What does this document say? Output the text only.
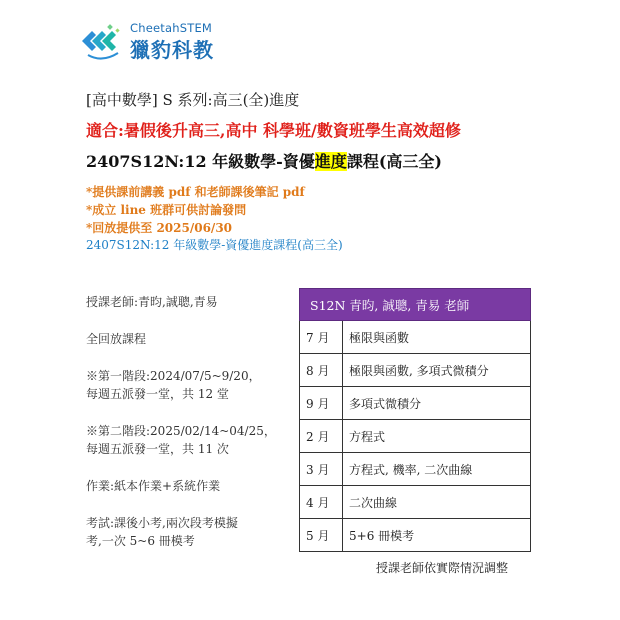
CheetahSTEM
獵豹科教
[高中數學] S 系列:高三(全)進度
適合:暑假後升高三,高中 科學班/數資班學生高效超修
2407S12N:12 年級數學-資優進度課程(高三全)
*提供課前講義 pdf 和老師課後筆記 pdf
*成立 line 班群可供討論發問
*回放提供至 2025/06/30
2407S12N:12 年級數學-資優進度課程(高三全)
授課老師:青昀,誠聰,青易
全回放課程
※第一階段:2024/07/5~9/20，
每週五派發一堂，共 12 堂
※第二階段:2025/02/14~04/25，
每週五派發一堂，共 11 次
作業:紙本作業+系統作業
考試:課後小考,兩次段考模擬
考,一次 5~6 冊模考
S12N 青昀, 誠聰, 青易 老師	
7 月	極限與函數
8 月	極限與函數, 多項式微積分
9 月	多項式微積分
2 月	方程式
3 月	方程式, 機率, 二次曲線
4 月	二次曲線
5 月	5+6 冊模考
授課老師依實際情況調整
